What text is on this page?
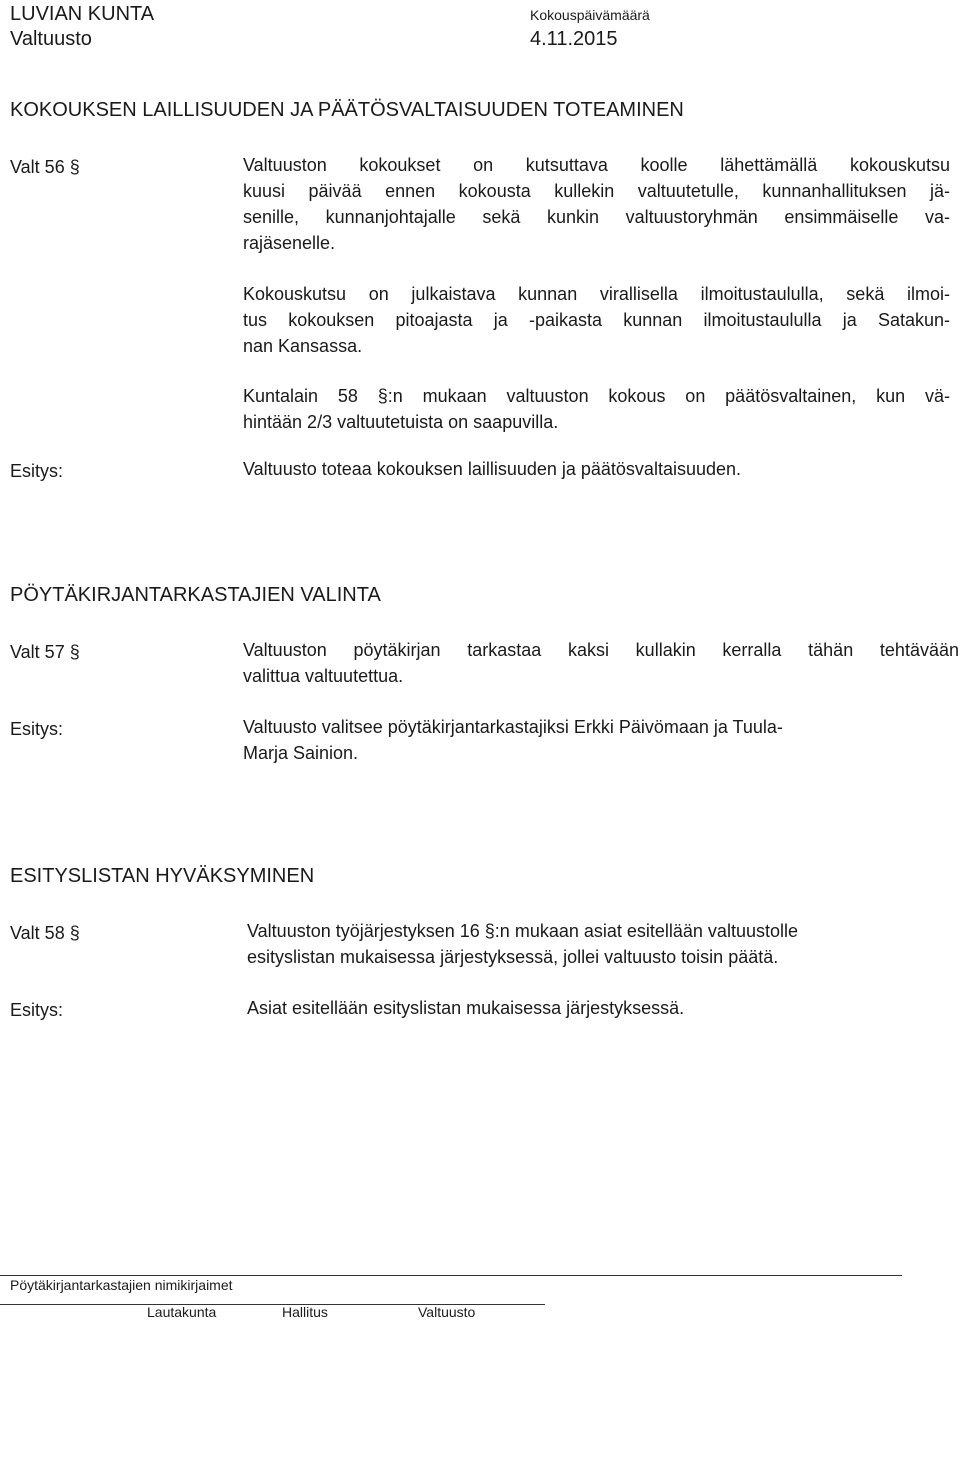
LUVIAN KUNTA
Valtuusto
Kokouspäivämäärä
4.11.2015
KOKOUKSEN LAILLISUUDEN JA PÄÄTÖSVALTAISUUDEN TOTEAMINEN
Valt 56 §	Valtuuston kokoukset on kutsuttava koolle lähettämällä kokouskutsu
kuusi päivää ennen kokousta kullekin valtuutetulle, kunnanhallituksen jä-
senille, kunnanjohtajalle sekä kunkin valtuustoryhmän ensimmäiselle va-
rajäsenelle.
Kokouskutsu on julkaistava kunnan virallisella ilmoitustaululla, sekä ilmoi-
tus kokouksen pitoajasta ja -paikasta kunnan ilmoitustaululla ja Satakun-
nan Kansassa.
Kuntalain 58 §:n mukaan valtuuston kokous on päätösvaltainen, kun vä-
hintään 2/3 valtuutetuista on saapuvilla.
Esitys:	Valtuusto toteaa kokouksen laillisuuden ja päätösvaltaisuuden.
PÖYTÄKIRJANTARKASTAJIEN VALINTA
Valt 57 §	Valtuuston pöytäkirjan tarkastaa kaksi kullakin kerralla tähän tehtävään
valittua valtuutettua.
Esitys:	Valtuusto valitsee pöytäkirjantarkastajiksi Erkki Päivömaan ja Tuula-
Marja Sainion.
ESITYSLISTAN HYVÄKSYMINEN
Valt 58 §	Valtuuston työjärjestyksen 16 §:n mukaan asiat esitellään valtuustolle
esityslistan mukaisessa järjestyksessä, jollei valtuusto toisin päätä.
Esitys:	Asiat esitellään esityslistan mukaisessa järjestyksessä.
Pöytäkirjantarkastajien nimikirjaimet
Lautakunta	Hallitus	Valtuusto
